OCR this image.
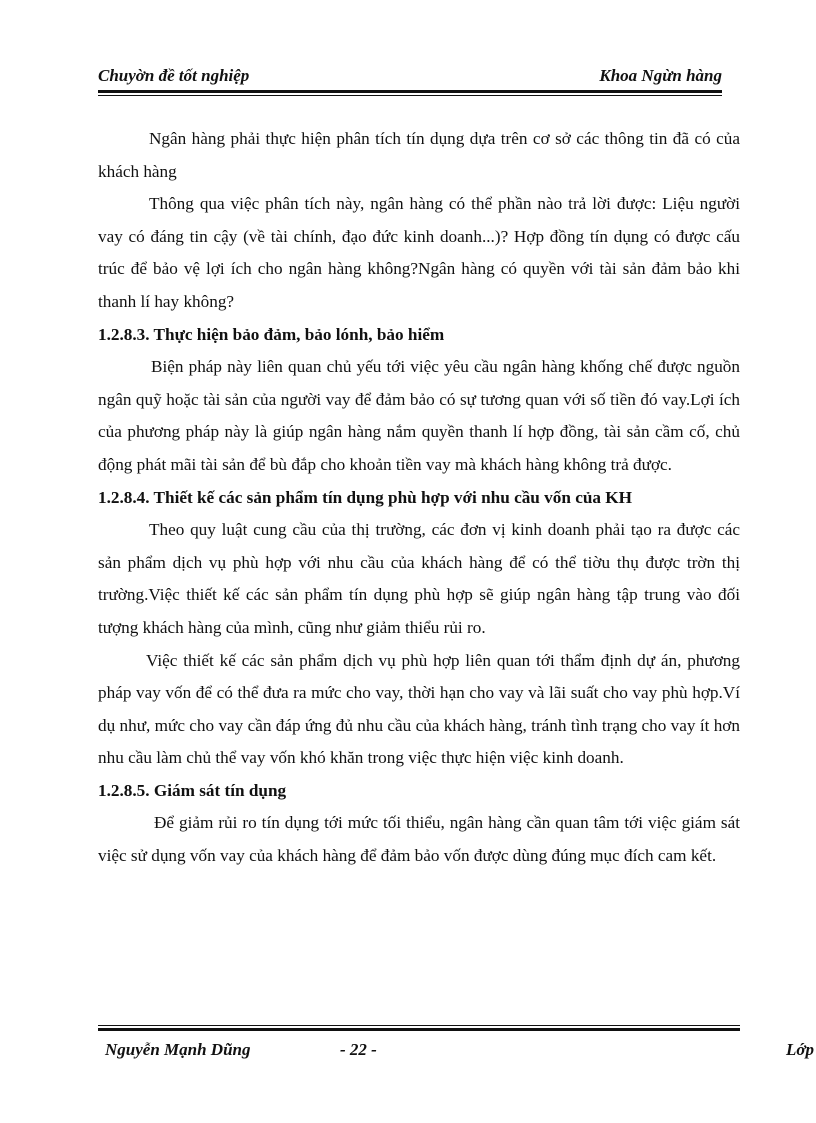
Chuyờn đề tốt nghiệp	Khoa Ngừn hàng

Ngân hàng phải thực hiện phân tích tín dụng dựa trên cơ sở các thông tin đã có của khách hàng

Thông qua việc phân tích này, ngân hàng có thể phần nào trả lời được: Liệu người vay có đáng tin cậy (về tài chính, đạo đức kinh doanh...)? Hợp đồng tín dụng có được cấu trúc để bảo vệ lợi ích cho ngân hàng không?Ngân hàng có quyền với tài sản đảm bảo khi thanh lí hay không?

1.2.8.3. Thực hiện bảo đảm, bảo lónh, bảo hiểm

Biện pháp này liên quan chủ yếu tới việc yêu cầu ngân hàng khống chế được nguồn ngân quỹ hoặc tài sản của người vay để đảm bảo có sự tương quan với số tiền đó vay.Lợi ích của phương pháp này là giúp ngân hàng nắm quyền thanh lí hợp đồng, tài sản cầm cố, chủ động phát mãi tài sản để bù đắp cho khoản tiền vay mà khách hàng không trả được.

1.2.8.4. Thiết kế các sản phẩm tín dụng phù hợp với nhu cầu vốn của KH

Theo quy luật cung cầu của thị trường, các đơn vị kinh doanh phải tạo ra được các sản phẩm dịch vụ phù hợp với nhu cầu của khách hàng để có thể tiờu thụ được trờn thị trường.Việc thiết kế các sản phẩm tín dụng phù hợp sẽ giúp ngân hàng tập trung vào đối tượng khách hàng của mình, cũng như giảm thiểu rủi ro.

Việc thiết kế các sản phẩm dịch vụ phù hợp liên quan tới thẩm định dự án, phương pháp vay vốn để có thể đưa ra mức cho vay, thời hạn cho vay và lãi suất cho vay phù hợp.Ví dụ như, mức cho vay cần đáp ứng đủ nhu cầu của khách hàng, tránh tình trạng cho vay ít hơn nhu cầu làm chủ thể vay vốn khó khăn trong việc thực hiện việc kinh doanh.

1.2.8.5. Giám sát tín dụng

Để giảm rủi ro tín dụng tới mức tối thiểu, ngân hàng cần quan tâm tới việc giám sát việc sử dụng vốn vay của khách hàng để đảm bảo vốn được dùng đúng mục đích cam kết.

Nguyễn Mạnh Dũng	- 22 -	Lớp
